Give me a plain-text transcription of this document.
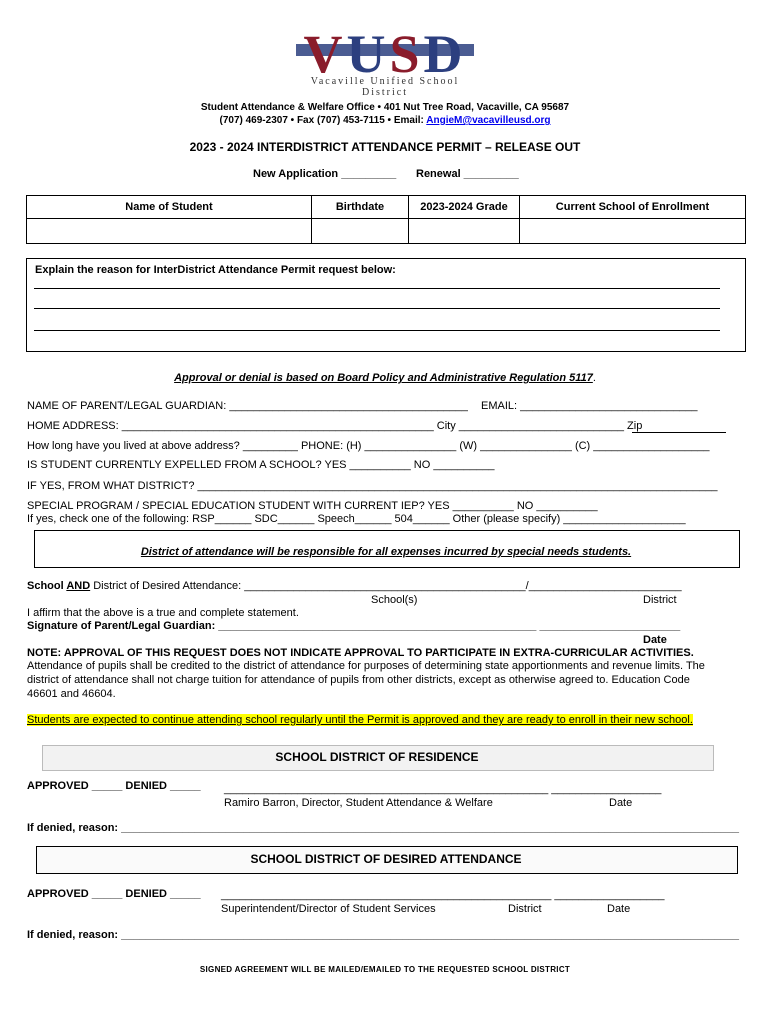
VUSD
Vacaville Unified School District
Student Attendance & Welfare Office • 401 Nut Tree Road, Vacaville, CA 95687
(707) 469-2307 • Fax (707) 453-7115 • Email: AngieM@vacavilleusd.org
2023 - 2024 INTERDISTRICT ATTENDANCE PERMIT – RELEASE OUT
New Application _________ Renewal _________
Name of Student	Birthdate	2023-2024 Grade	Current School of Enrollment

Explain the reason for InterDistrict Attendance Permit request below:
Approval or denial is based on Board Policy and Administrative Regulation 5117.
NAME OF PARENT/LEGAL GUARDIAN: _______________________________________ EMAIL: _____________________________
HOME ADDRESS: ___________________________________________________ City ___________________________ Zip
How long have you lived at above address? _________ PHONE: (H) _______________ (W) _______________ (C) ___________________
IS STUDENT CURRENTLY EXPELLED FROM A SCHOOL? YES __________ NO __________
IF YES, FROM WHAT DISTRICT? _____________________________________________________________________________________
SPECIAL PROGRAM / SPECIAL EDUCATION STUDENT WITH CURRENT IEP? YES __________ NO __________
If yes, check one of the following: RSP______ SDC______ Speech______ 504______ Other (please specify) ____________________
District of attendance will be responsible for all expenses incurred by special needs students.
School AND District of Desired Attendance: ______________________________________________/_________________________
School(s)	District
I affirm that the above is a true and complete statement.
Signature of Parent/Legal Guardian: ____________________________________________________ _______________________
Date
NOTE: APPROVAL OF THIS REQUEST DOES NOT INDICATE APPROVAL TO PARTICIPATE IN EXTRA-CURRICULAR ACTIVITIES.
Attendance of pupils shall be credited to the district of attendance for purposes of determining state apportionments and revenue limits. The
district of attendance shall not charge tuition for attendance of pupils from other districts, except as otherwise agreed to. Education Code
46601 and 46604.
Students are expected to continue attending school regularly until the Permit is approved and they are ready to enroll in their new school.
SCHOOL DISTRICT OF RESIDENCE
APPROVED _____ DENIED _____ _____________________________________________________ __________________
Ramiro Barron, Director, Student Attendance & Welfare	Date
If denied, reason: _____________________________________________________________________________________________________
SCHOOL DISTRICT OF DESIRED ATTENDANCE
APPROVED _____ DENIED _____ ______________________________________________________ __________________
Superintendent/Director of Student Services	District	Date
If denied, reason: _____________________________________________________________________________________________________
SIGNED AGREEMENT WILL BE MAILED/EMAILED TO THE REQUESTED SCHOOL DISTRICT
